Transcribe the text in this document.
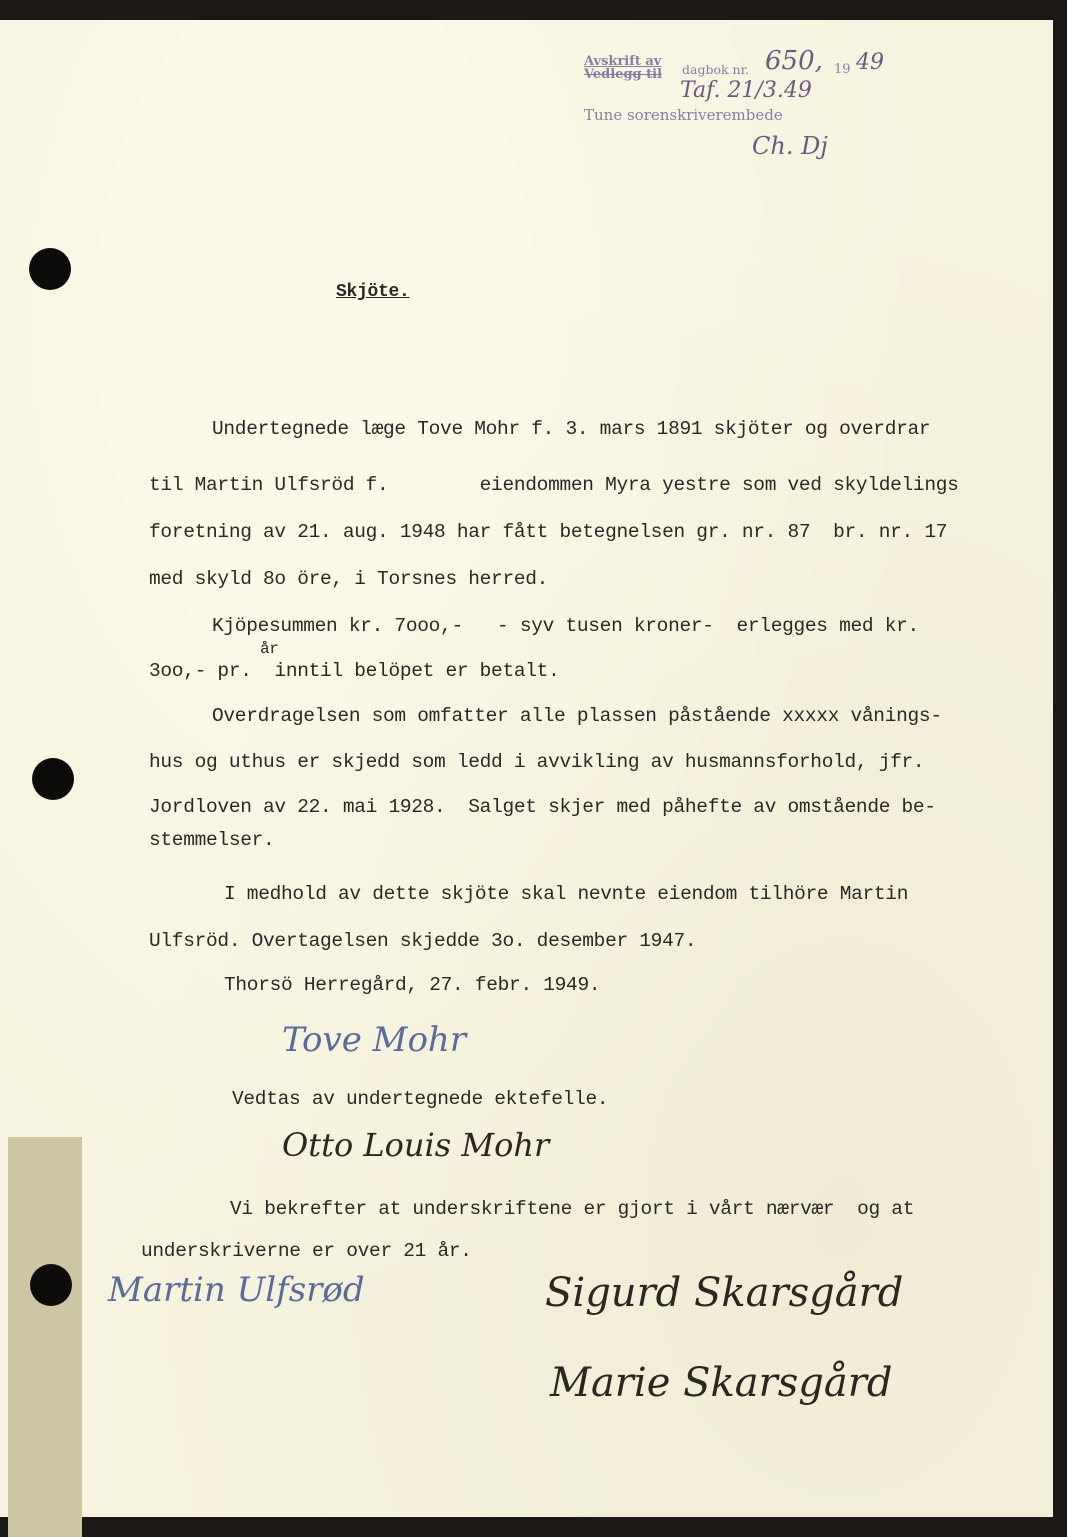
Avskrift av
Vedlegg til dagbok nr. 650, 19 49
Taf. 21/3.49
Tune sorenskriverembede
Ch. Dj
Skjöte.
Undertegnede læge Tove Mohr f. 3. mars 1891 skjöter og overdrar
til Martin Ulfsröd f.        eiendommen Myra yestre som ved skyldelings
foretning av 21. aug. 1948 har fått betegnelsen gr. nr. 87  br. nr. 17
med skyld 8o öre, i Torsnes herred.
Kjöpesummen kr. 7ooo,-   - syv tusen kroner-  erlegges med kr.
3oo,- pr.  inntil belöpet er betalt.
år
Overdragelsen som omfatter alle plassen påstående xxxxx vånings-
hus og uthus er skjedd som ledd i avvikling av husmannsforhold, jfr.
Jordloven av 22. mai 1928.  Salget skjer med påhefte av omstående be-
stemmelser.
I medhold av dette skjöte skal nevnte eiendom tilhöre Martin
Ulfsröd. Overtagelsen skjedde 3o. desember 1947.
Thorsö Herregård, 27. febr. 1949.
Tove Mohr
Vedtas av undertegnede ektefelle.
Otto Louis Mohr
Vi bekrefter at underskriftene er gjort i vårt nærvær  og at
underskriverne er over 21 år.
Martin Ulfsrød	Sigurd Skarsgård
Marie Skarsgård
